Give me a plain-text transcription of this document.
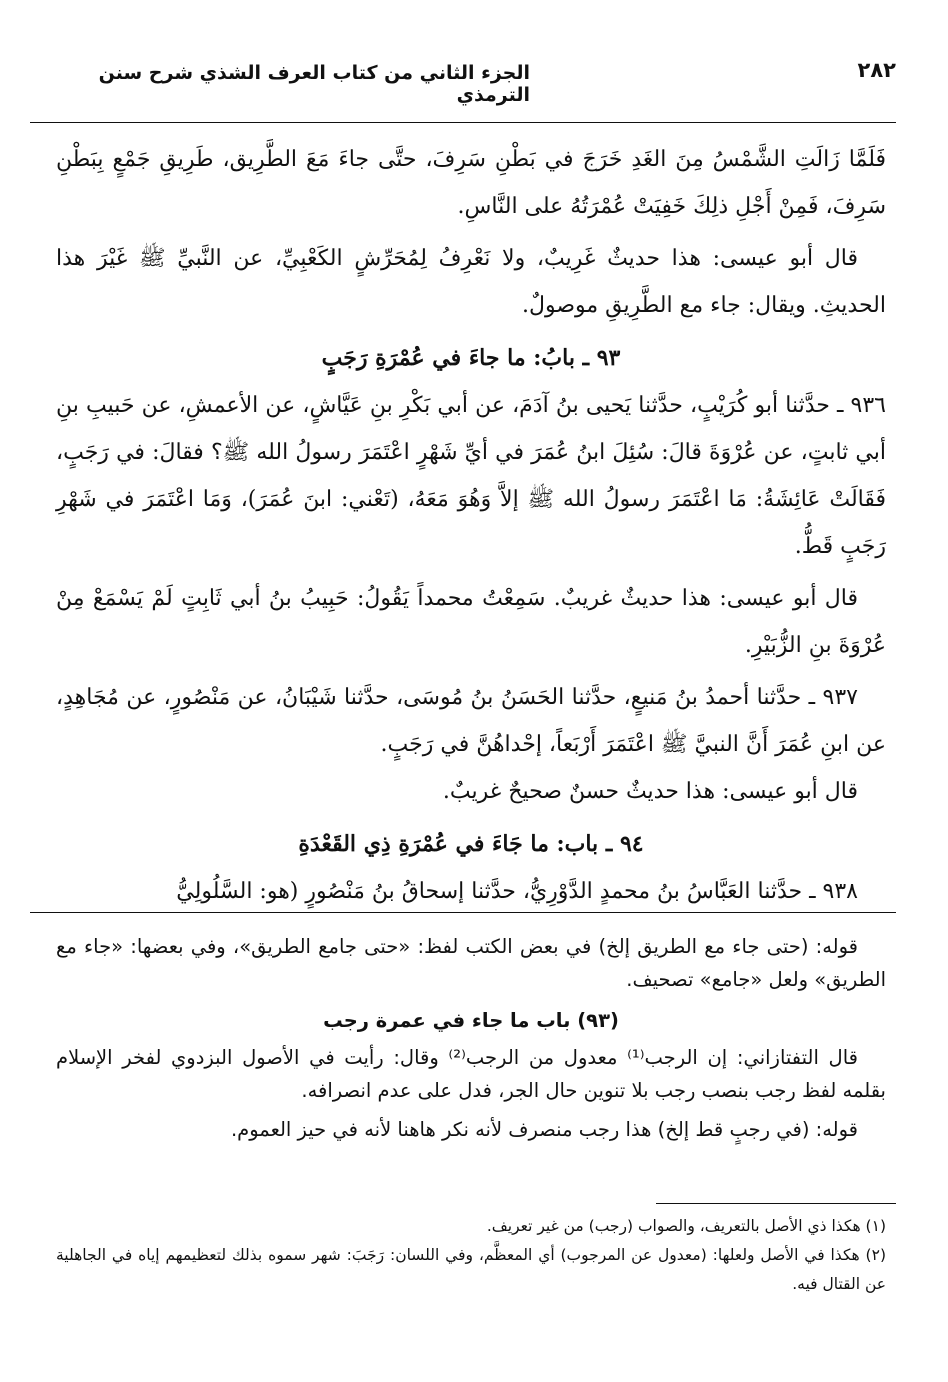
الجزء الثاني من كتاب العرف الشذي شرح سنن الترمذي
٢٨٢
فَلَمَّا زَالَتِ الشَّمْسُ مِنَ الغَدِ خَرَجَ في بَطْنِ سَرِفَ، حتَّى جاءَ مَعَ الطَّرِيق، طَرِيقِ جَمْعٍ بِبَطْنِ سَرِفَ، فَمِنْ أَجْلِ ذلِكَ خَفِيَتْ عُمْرَتُهُ على النَّاسِ.
قال أبو عيسى: هذا حديثٌ غَرِيبٌ، ولا نَعْرِفُ لِمُحَرِّشٍ الكَعْبِيِّ، عن النَّبيِّ ﷺ غَيْرَ هذا الحديثِ. ويقال: جاء مع الطَّرِيقِ موصولٌ.
٩٣ ـ بابُ: ما جاءَ في عُمْرَةِ رَجَبٍ
٩٣٦ ـ حدَّثنا أبو كُرَيْبٍ، حدَّثنا يَحيى بنُ آدَمَ، عن أبي بَكْرِ بنِ عَيَّاشٍ، عن الأعمشِ، عن حَبيبِ بنِ أبي ثابتٍ، عن عُرْوَةَ قالَ: سُئِلَ ابنُ عُمَرَ في أيِّ شَهْرٍ اعْتَمَرَ رسولُ الله ﷺ؟ فقالَ: في رَجَبٍ، فَقَالَتْ عَائِشَةُ: مَا اعْتَمَرَ رسولُ الله ﷺ إلاَّ وَهُوَ مَعَهُ، (تَعْني: ابنَ عُمَرَ)، وَمَا اعْتَمَرَ في شَهْرِ رَجَبٍ قَطُّ.
قال أبو عيسى: هذا حديثٌ غريبٌ. سَمِعْتُ محمداً يَقُولُ: حَبِيبُ بنُ أبي ثَابِتٍ لَمْ يَسْمَعْ مِنْ عُرْوَةَ بنِ الزُّبَيْرِ.
٩٣٧ ـ حدَّثنا أحمدُ بنُ مَنيعٍ، حدَّثنا الحَسَنُ بنُ مُوسَى، حدَّثنا شَيْبَانُ، عن مَنْصُورٍ، عن مُجَاهِدٍ، عن ابنِ عُمَرَ أَنَّ النبيَّ ﷺ اعْتَمَرَ أَرْبَعاً، إحْداهُنَّ في رَجَبٍ.
قال أبو عيسى: هذا حديثٌ حسنٌ صحيحٌ غريبٌ.
٩٤ ـ باب: ما جَاءَ في عُمْرَةِ ذِي القَعْدَةِ
٩٣٨ ـ حدَّثنا العَبَّاسُ بنُ محمدٍ الدَّوْرِيُّ، حدَّثنا إسحاقُ بنُ مَنْصُورٍ (هو: السَّلُولِيُّ
قوله: (حتى جاء مع الطريق إلخ) في بعض الكتب لفظ: «حتى جامع الطريق»، وفي بعضها: «جاء مع الطريق» ولعل «جامع» تصحيف.
(٩٣) باب ما جاء في عمرة رجب
قال التفتازاني: إن الرجب⁽¹⁾ معدول من الرجب⁽²⁾ وقال: رأيت في الأصول البزدوي لفخر الإسلام بقلمه لفظ رجب بنصب رجب بلا تنوين حال الجر، فدل على عدم انصرافه.
قوله: (في رجبٍ قط إلخ) هذا رجب منصرف لأنه نكر هاهنا لأنه في حيز العموم.
(١) هكذا ذي الأصل بالتعريف، والصواب (رجب) من غير تعريف.
(٢) هكذا في الأصل ولعلها: (معدول عن المرجوب) أي المعظَّم، وفي اللسان: رَجَبَ: شهر سموه بذلك لتعظيمهم إياه في الجاهلية عن القتال فيه.
